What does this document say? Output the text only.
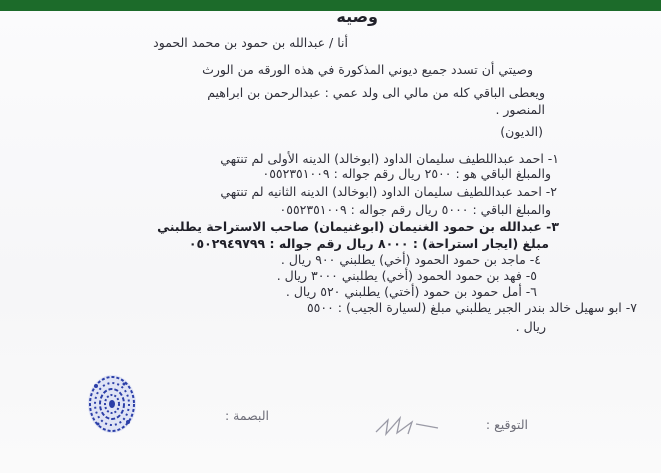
وصيه
أنا / عبدالله بن حمود بن محمد الحمود
وصيتي أن تسدد جميع ديوني المذكورة في هذه الورقه من الورث
ويعطى الباقي كله من مالي الى ولد عمي : عبدالرحمن بن ابراهيم
المنصور .
(الديون)
١- احمد عبداللطيف سليمان الداود (ابوخالد) الدينه الأولى لم تنتهي
والمبلغ الباقي هو : ٢٥٠٠ ريال رقم جواله : ٠٥٥٢٣٥١٠٠٩
٢- احمد عبداللطيف سليمان الداود (ابوخالد) الدينه الثانيه لم تنتهي
والمبلغ الباقي : ٥٠٠٠ ريال رقم جواله : ٠٥٥٢٣٥١٠٠٩
٣- عبدالله بن حمود الغنيمان (ابوغنيمان) صاحب الاستراحة يطلبني
مبلغ (ايجار استراحة) : ٨٠٠٠ ريال رقم جواله : ٠٥٠٢٩٤٩٧٩٩
٤- ماجد بن حمود الحمود (أخي) يطلبني ٩٠٠ ريال .
٥- فهد بن حمود الحمود (أخي) يطلبني ٣٠٠٠ ريال .
٦- أمل حمود بن حمود (أختي) يطلبني ٥٢٠ ريال .
٧- ابو سهيل خالد بندر الجبر يطلبني مبلغ (لسيارة الجيب) : ٥٥٠٠
ريال .
التوقيع :
البصمة :
